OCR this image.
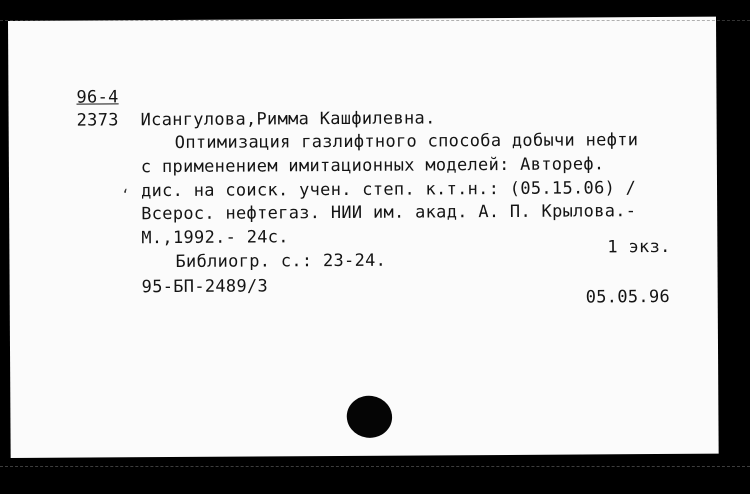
96-4
2373 Исангулова,Римма Кашфилевна.
Оптимизация газлифтного способа добычи нефти
с применением имитационных моделей: Автореф.
дис. на соиск. учен. степ. к.т.н.: (05.15.06) /
Всерос. нефтегаз. НИИ им. акад. А. П. Крылова.-
М.,1992.- 24с.	1 экз.
Библиогр. с.: 23-24.
95-БП-2489/3
05.05.96
ʻ
